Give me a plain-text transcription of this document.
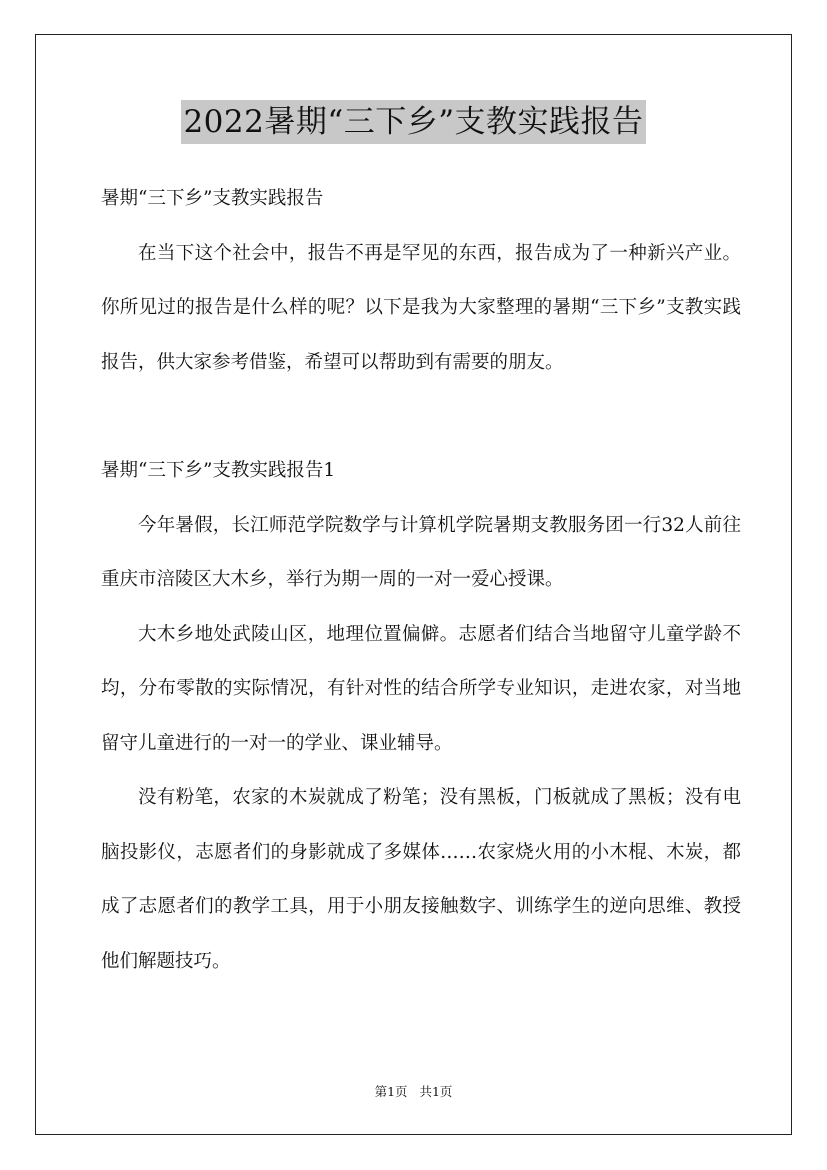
2022暑期“三下乡”支教实践报告

暑期“三下乡”支教实践报告

在当下这个社会中，报告不再是罕见的东西，报告成为了一种新兴产业。你所见过的报告是什么样的呢？以下是我为大家整理的暑期“三下乡”支教实践报告，供大家参考借鉴，希望可以帮助到有需要的朋友。

暑期“三下乡”支教实践报告1

今年暑假，长江师范学院数学与计算机学院暑期支教服务团一行32人前往重庆市涪陵区大木乡，举行为期一周的一对一爱心授课。

大木乡地处武陵山区，地理位置偏僻。志愿者们结合当地留守儿童学龄不均，分布零散的实际情况，有针对性的结合所学专业知识，走进农家，对当地留守儿童进行的一对一的学业、课业辅导。

没有粉笔，农家的木炭就成了粉笔；没有黑板，门板就成了黑板；没有电脑投影仪，志愿者们的身影就成了多媒体……农家烧火用的小木棍、木炭，都成了志愿者们的教学工具，用于小朋友接触数字、训练学生的逆向思维、教授他们解题技巧。

第1页 共1页
